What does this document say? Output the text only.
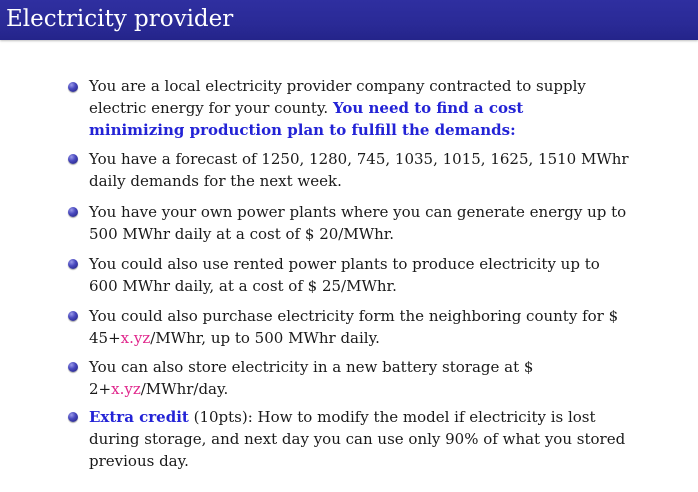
Electricity provider
You are a local electricity provider company contracted to supply
electric energy for your county. You need to find a cost
minimizing production plan to fulfill the demands:
You have a forecast of 1250, 1280, 745, 1035, 1015, 1625, 1510 MWhr
daily demands for the next week.
You have your own power plants where you can generate energy up to
500 MWhr daily at a cost of $ 20/MWhr.
You could also use rented power plants to produce electricity up to
600 MWhr daily, at a cost of $ 25/MWhr.
You could also purchase electricity form the neighboring county for $
45+x.yz/MWhr, up to 500 MWhr daily.
You can also store electricity in a new battery storage at $
2+x.yz/MWhr/day.
Extra credit (10pts): How to modify the model if electricity is lost
during storage, and next day you can use only 90% of what you stored
previous day.
